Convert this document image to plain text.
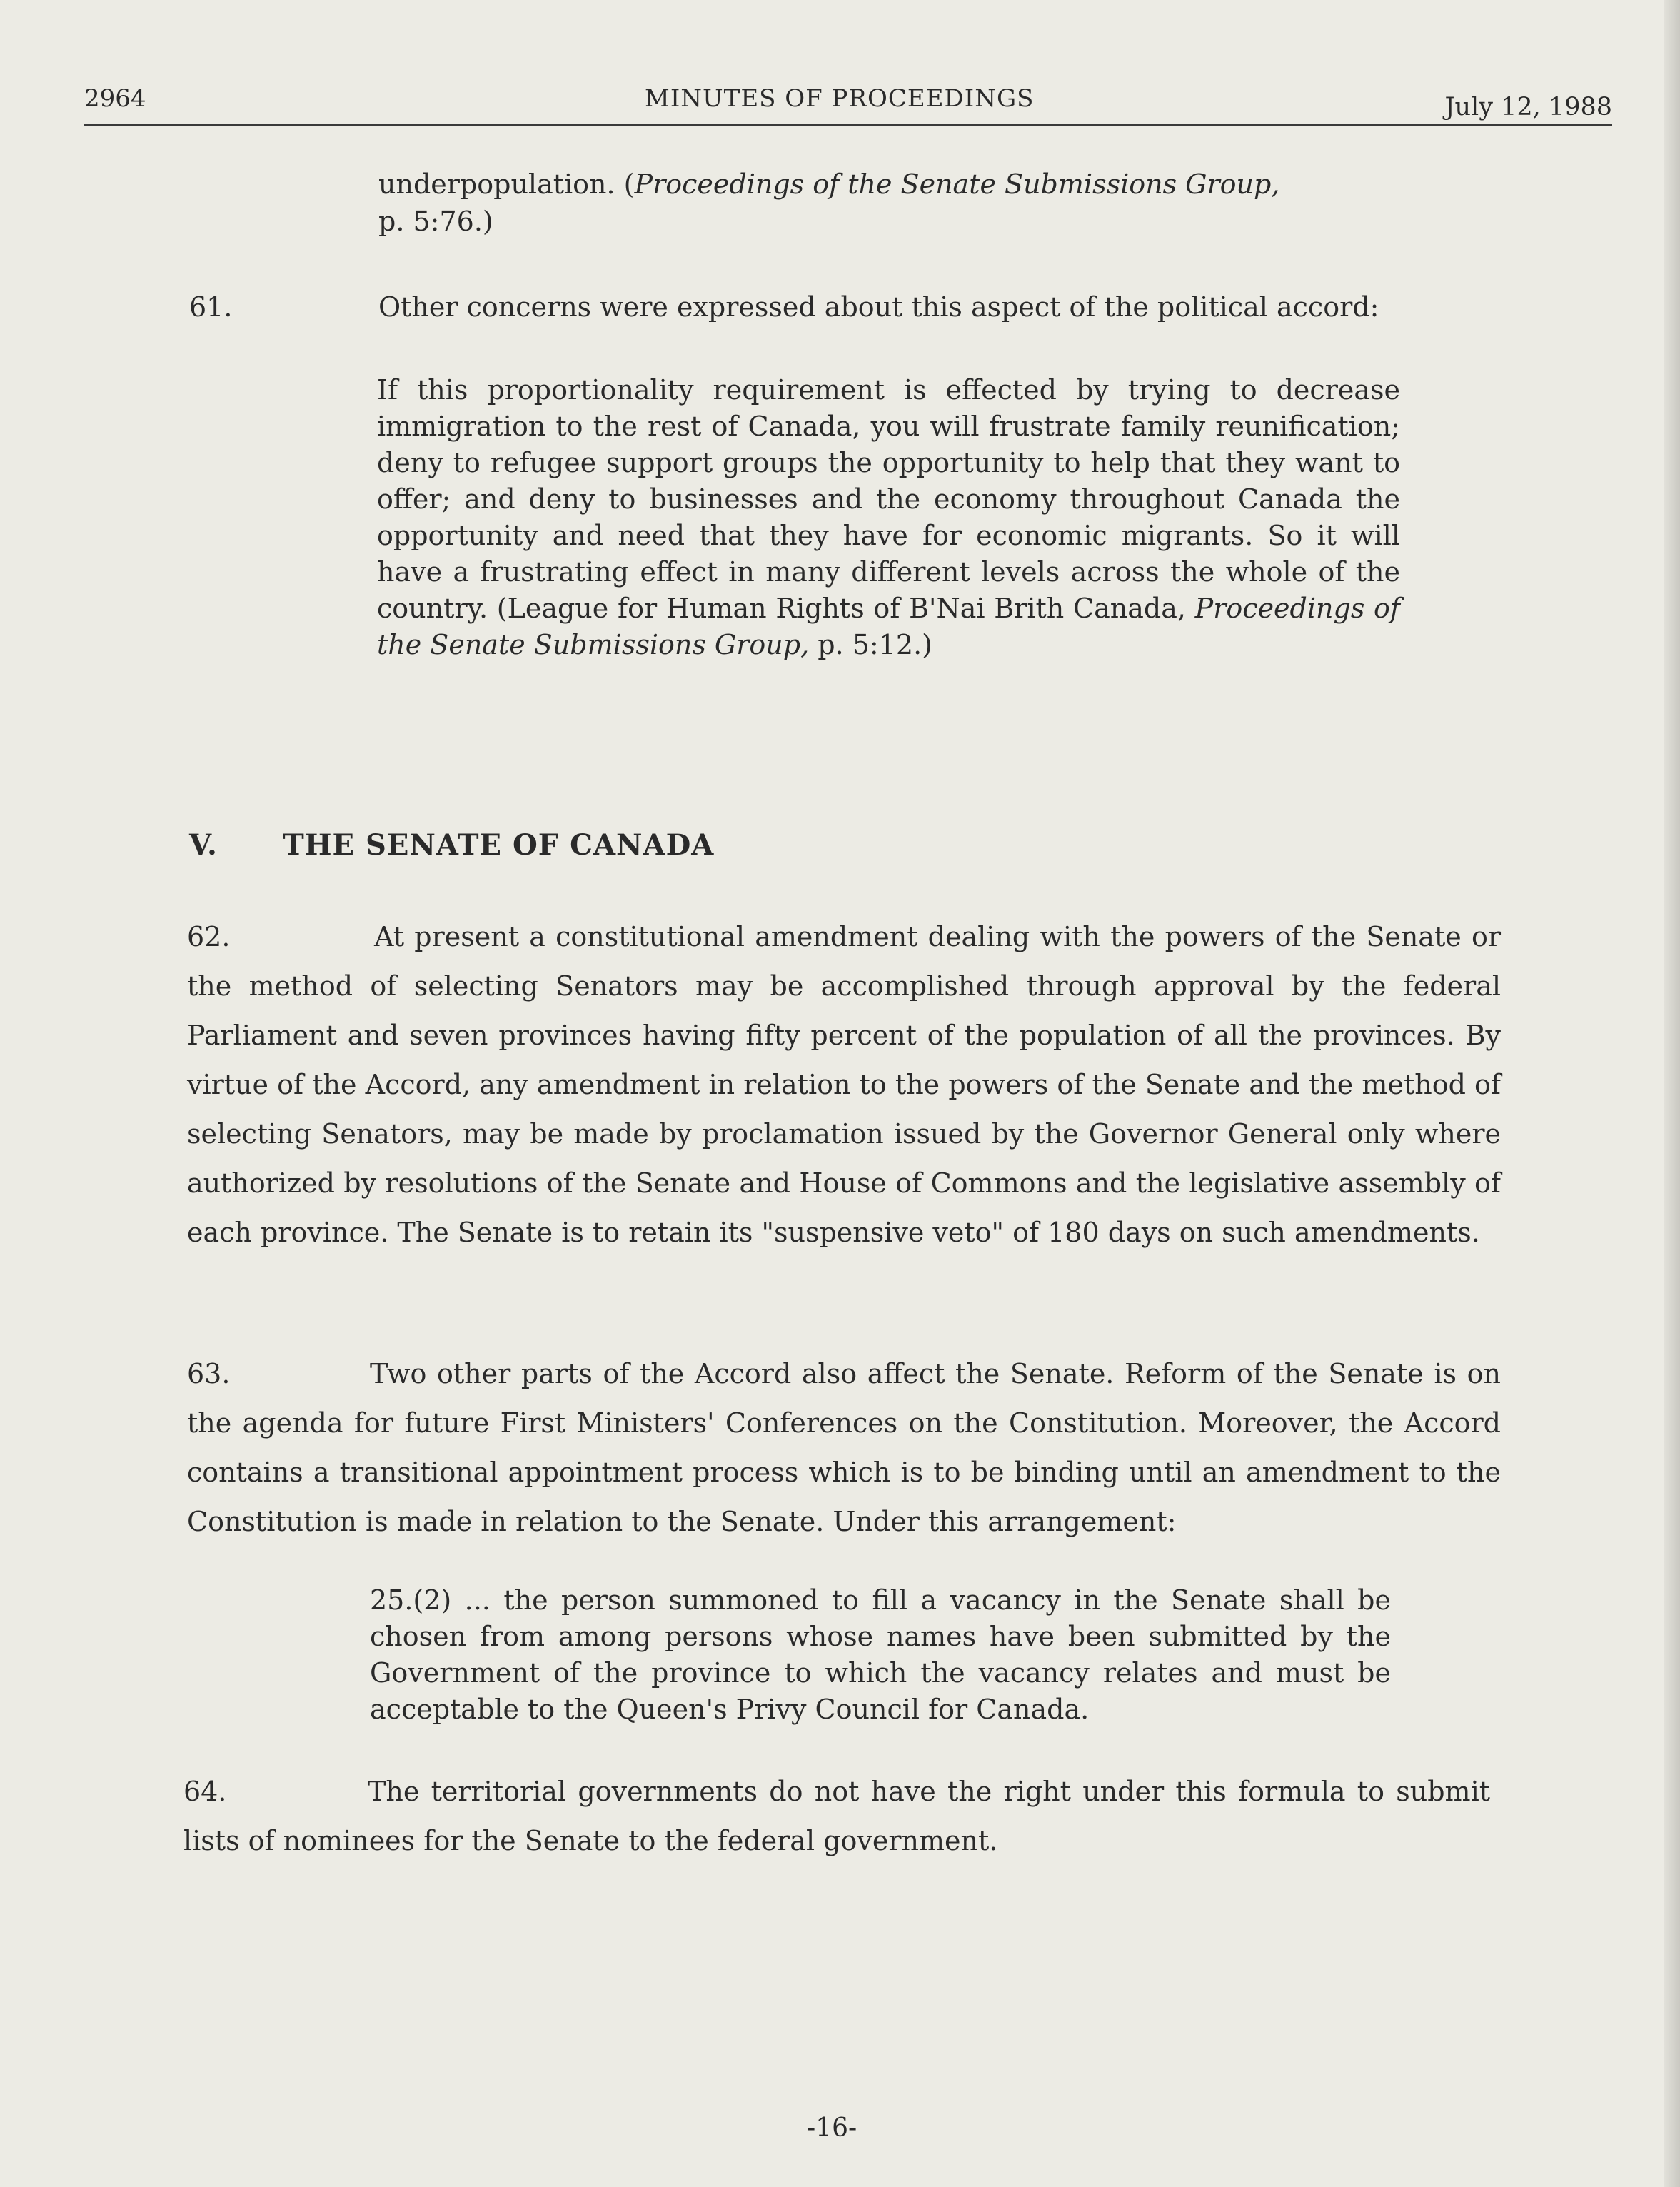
2964	MINUTES OF PROCEEDINGS	July 12, 1988

underpopulation. (Proceedings of the Senate Submissions Group,
p. 5:76.)

61.	Other concerns were expressed about this aspect of the political accord:

If this proportionality requirement is effected by trying to decrease immigration to the rest of Canada, you will frustrate family reunification; deny to refugee support groups the opportunity to help that they want to offer; and deny to businesses and the economy throughout Canada the opportunity and need that they have for economic migrants. So it will have a frustrating effect in many different levels across the whole of the country. (League for Human Rights of B'Nai Brith Canada, Proceedings of the Senate Submissions Group, p. 5:12.)

V. THE SENATE OF CANADA

62.	At present a constitutional amendment dealing with the powers of the Senate or the method of selecting Senators may be accomplished through approval by the federal Parliament and seven provinces having fifty percent of the population of all the provinces. By virtue of the Accord, any amendment in relation to the powers of the Senate and the method of selecting Senators, may be made by proclamation issued by the Governor General only where authorized by resolutions of the Senate and House of Commons and the legislative assembly of each province. The Senate is to retain its "suspensive veto" of 180 days on such amendments.

63.	Two other parts of the Accord also affect the Senate. Reform of the Senate is on the agenda for future First Ministers' Conferences on the Constitution. Moreover, the Accord contains a transitional appointment process which is to be binding until an amendment to the Constitution is made in relation to the Senate. Under this arrangement:

25.(2) ... the person summoned to fill a vacancy in the Senate shall be chosen from among persons whose names have been submitted by the Government of the province to which the vacancy relates and must be acceptable to the Queen's Privy Council for Canada.

64.	The territorial governments do not have the right under this formula to submit lists of nominees for the Senate to the federal government.

-16-
